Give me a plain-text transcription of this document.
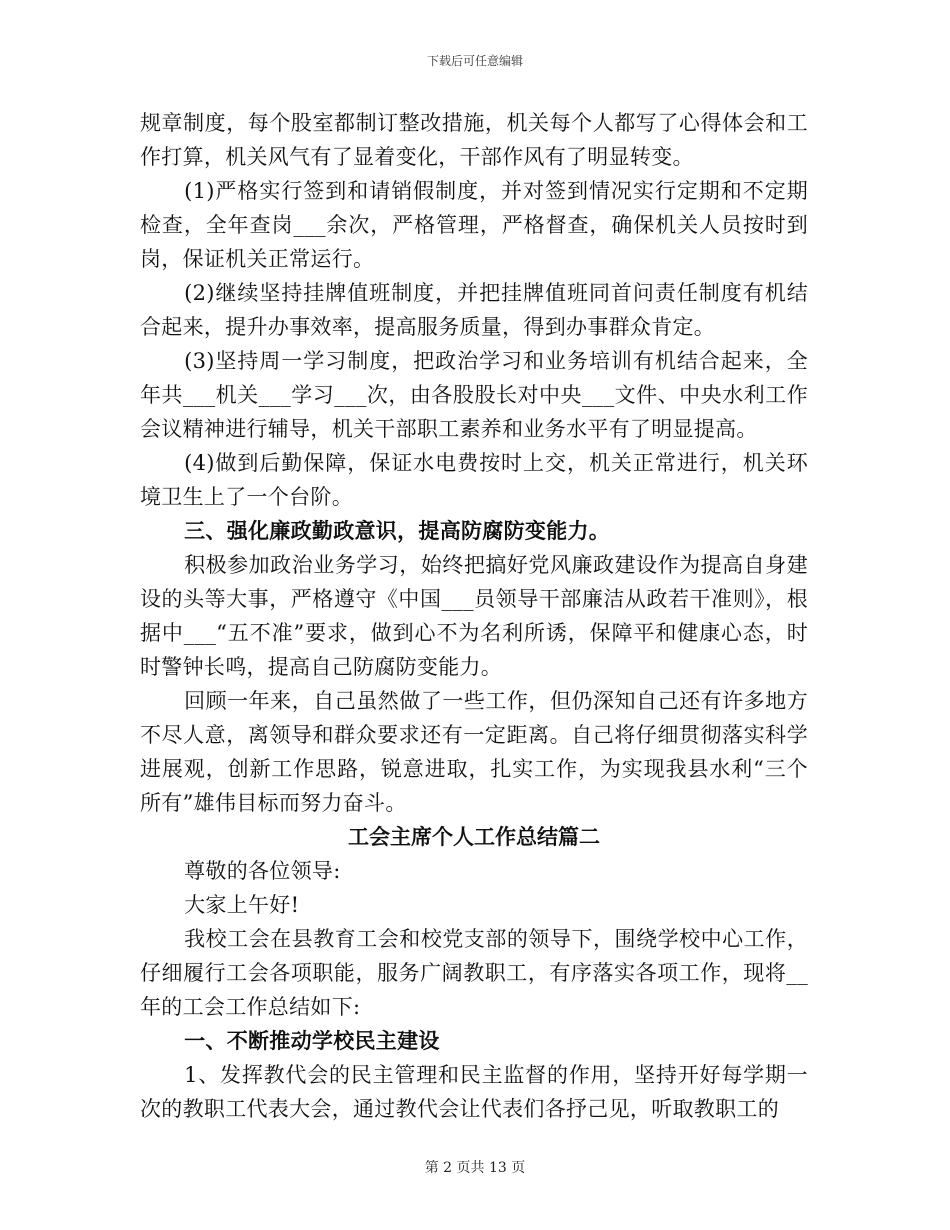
下载后可任意编辑

规章制度，每个股室都制订整改措施，机关每个人都写了心得体会和工作打算，机关风气有了显着变化，干部作风有了明显转变。

(1)严格实行签到和请销假制度，并对签到情况实行定期和不定期检查，全年查岗___余次，严格管理，严格督查，确保机关人员按时到岗，保证机关正常运行。

(2)继续坚持挂牌值班制度，并把挂牌值班同首问责任制度有机结合起来，提升办事效率，提高服务质量，得到办事群众肯定。

(3)坚持周一学习制度，把政治学习和业务培训有机结合起来，全年共___机关___学习___次，由各股股长对中央___文件、中央水利工作会议精神进行辅导，机关干部职工素养和业务水平有了明显提高。

(4)做到后勤保障，保证水电费按时上交，机关正常进行，机关环境卫生上了一个台阶。

三、强化廉政勤政意识，提高防腐防变能力。

积极参加政治业务学习，始终把搞好党风廉政建设作为提高自身建设的头等大事，严格遵守《中国___员领导干部廉洁从政若干准则》，根据中___“五不准”要求，做到心不为名利所诱，保障平和健康心态，时时警钟长鸣，提高自己防腐防变能力。

回顾一年来，自己虽然做了一些工作，但仍深知自己还有许多地方不尽人意，离领导和群众要求还有一定距离。自己将仔细贯彻落实科学进展观，创新工作思路，锐意进取，扎实工作，为实现我县水利“三个所有”雄伟目标而努力奋斗。

工会主席个人工作总结篇二

尊敬的各位领导:

大家上午好!

我校工会在县教育工会和校党支部的领导下，围绕学校中心工作，仔细履行工会各项职能，服务广阔教职工，有序落实各项工作，现将__年的工会工作总结如下:

一、不断推动学校民主建设

1、发挥教代会的民主管理和民主监督的作用，坚持开好每学期一次的教职工代表大会，通过教代会让代表们各抒己见，听取教职工的

第 2 页共 13 页
